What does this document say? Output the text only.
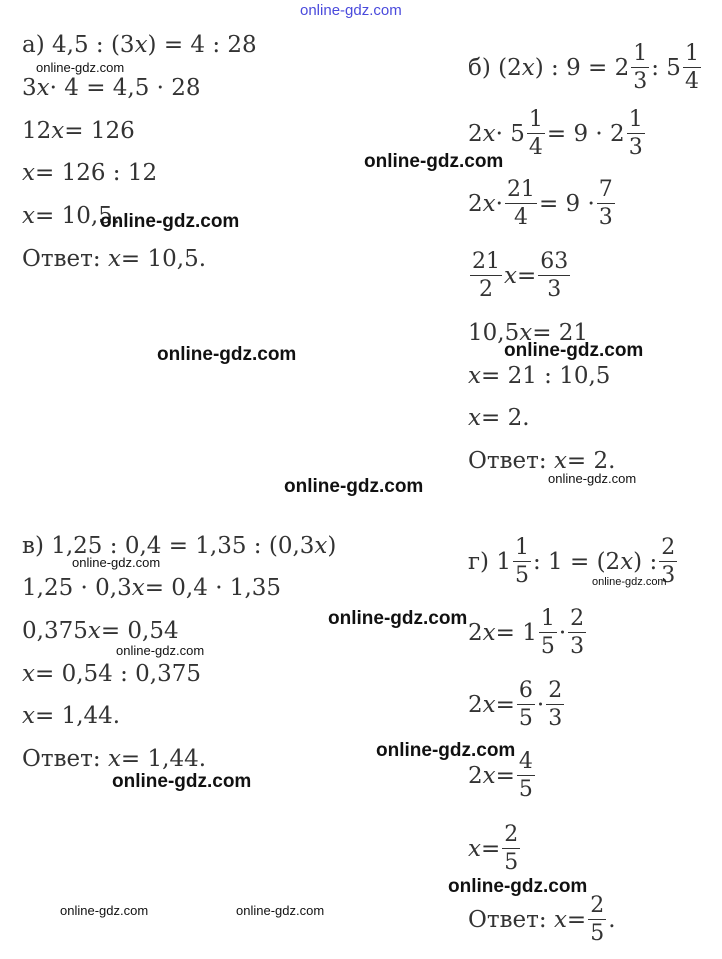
а)
4,5 : (3 x ) = 4 : 28
3 x · 4 = 4,5 · 28
12 x = 126
x = 126 : 12
x = 10,5.
Ответ:
x = 10,5.
б)
(2 x ) : $9 = 2 \frac{1}{3}$ : $5 \frac{1}{4}$
2 $x \cdot 5 \frac{1}{4} = 9 \cdot 2 \frac{1}{3}$
2 $x \cdot \frac{21}{4} = 9 \cdot \frac{7}{3}$
$\frac{21}{2}$ $x = \frac{63}{3}$
10,5 x = 21
x = 21 : 10,5
x = 2.
Ответ:
x = 2.
в)
1,25 : 0,4 = 1,35 : (0,3 x )
1,25 · 0,3 x = 0,4 · 1,35
0,375 x = 0,54
x = 0,54 : 0,375
x = 1,44.
Ответ:
x = 1,44.
г)
$1 \frac{1}{5}$ : 1 = (2 x ) : $\frac{2}{3}$
2 $x = 1 \frac{1}{5} \cdot \frac{2}{3}$
2 $x = \frac{6}{5} \cdot \frac{2}{3}$
2 $x = \frac{4}{5}$
$x = \frac{2}{5}$
Ответ:
$x = \frac{2}{5}$ .
online-gdz.com
online-gdz.com
online-gdz.com
online-gdz.com
online-gdz.com	online-gdz.com
online-gdz.com	online-gdz.com
online-gdz.com
online-gdz.com
online-gdz.com
online-gdz.com
online-gdz.com
online-gdz.com
online-gdz.com
online-gdz.com	online-gdz.com
